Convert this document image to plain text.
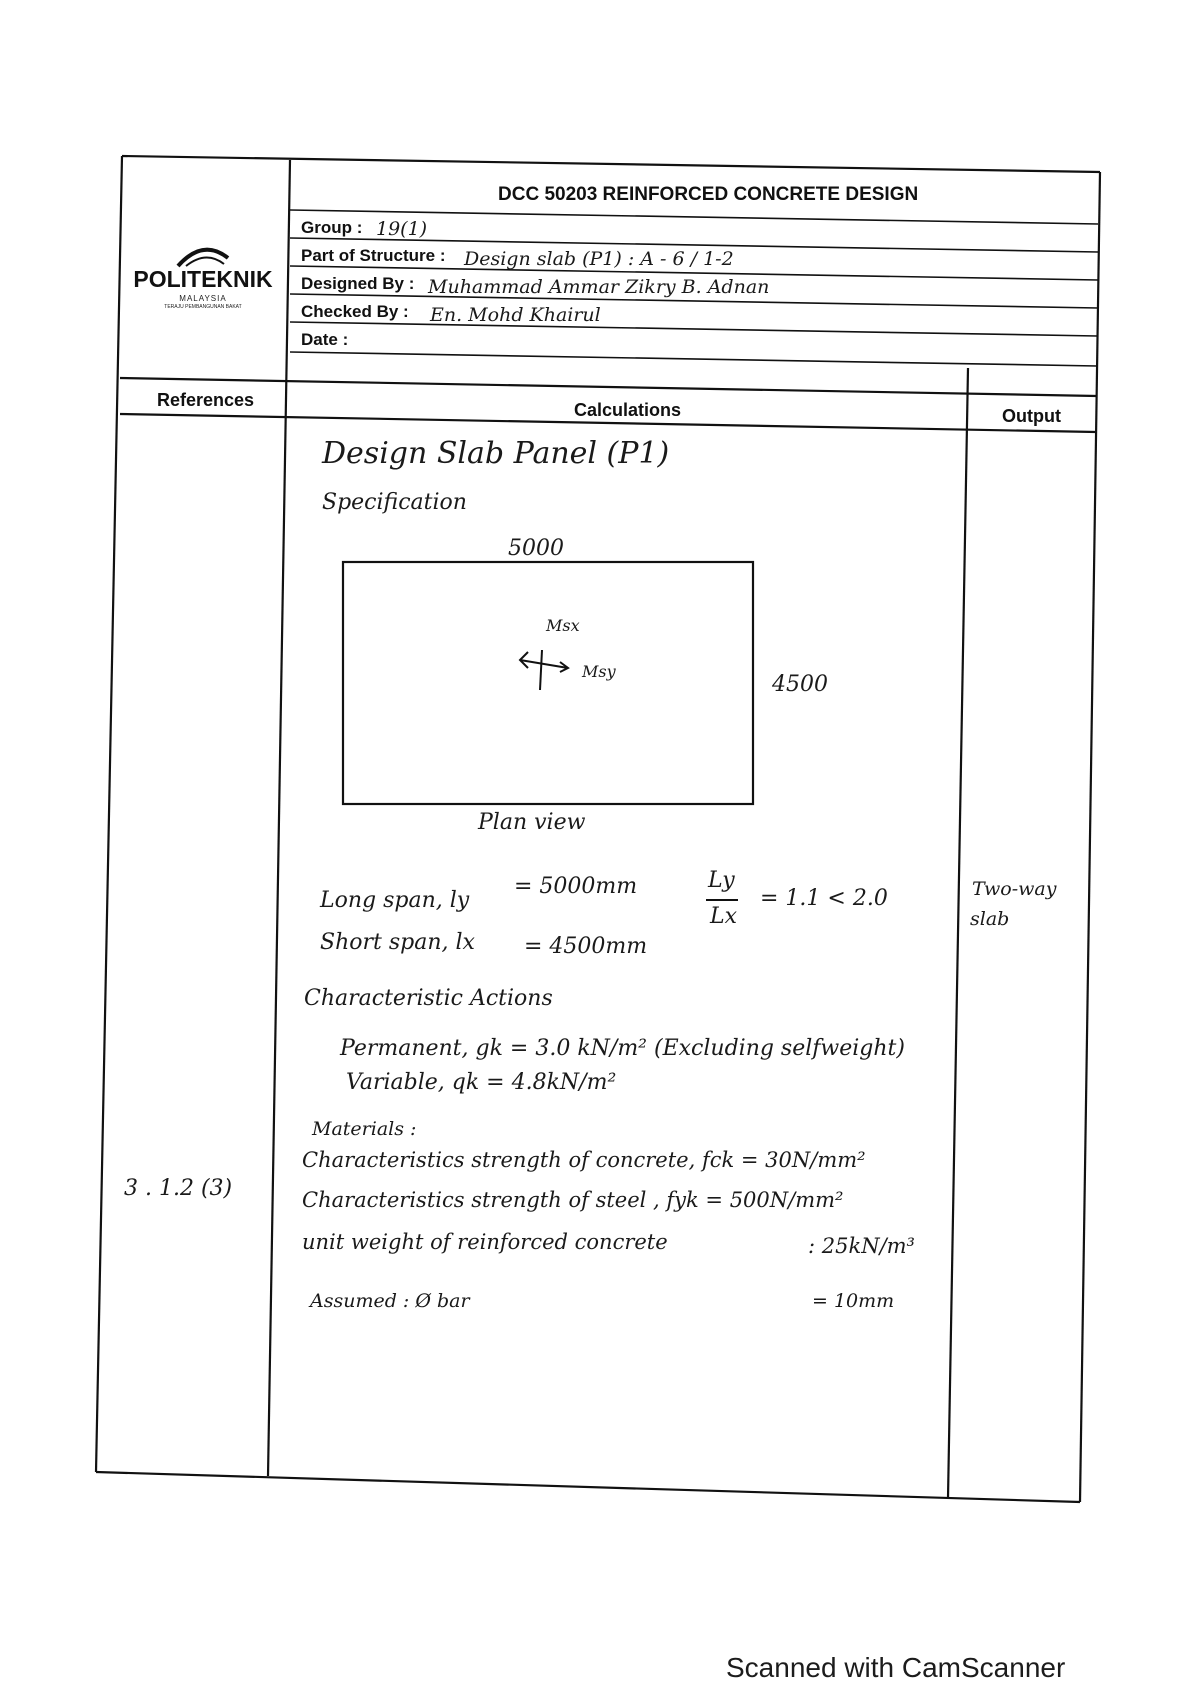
POLITEKNIK
MALAYSIA
TERAJU PEMBANGUNAN BAKAT
DCC 50203 REINFORCED CONCRETE DESIGN
Group : 19(1)
Part of Structure : Design slab (P1) : A - 6 / 1-2
Designed By : Muhammad Ammar Zikry B. Adnan
Checked By : En. Mohd Khairul
Date :
References	Calculations	Output
Design Slab Panel (P1)
Specification
5000
Msx
Msy
4500
Plan view
Long span, ly
= 5000mm
Short span, lx = 4500mm
Ly
Lx
= 1.1 < 2.0
Characteristic Actions
Permanent, gk = 3.0 kN/m² (Excluding selfweight)
Variable, qk = 4.8kN/m²
Materials :
Characteristics strength of concrete, fck = 30N/mm²
Characteristics strength of steel , fyk = 500N/mm²
unit weight of reinforced concrete	: 25kN/m³
Assumed : Ø bar	= 10mm
3 . 1.2 (3)
Two-way
slab
Scanned with CamScanner
